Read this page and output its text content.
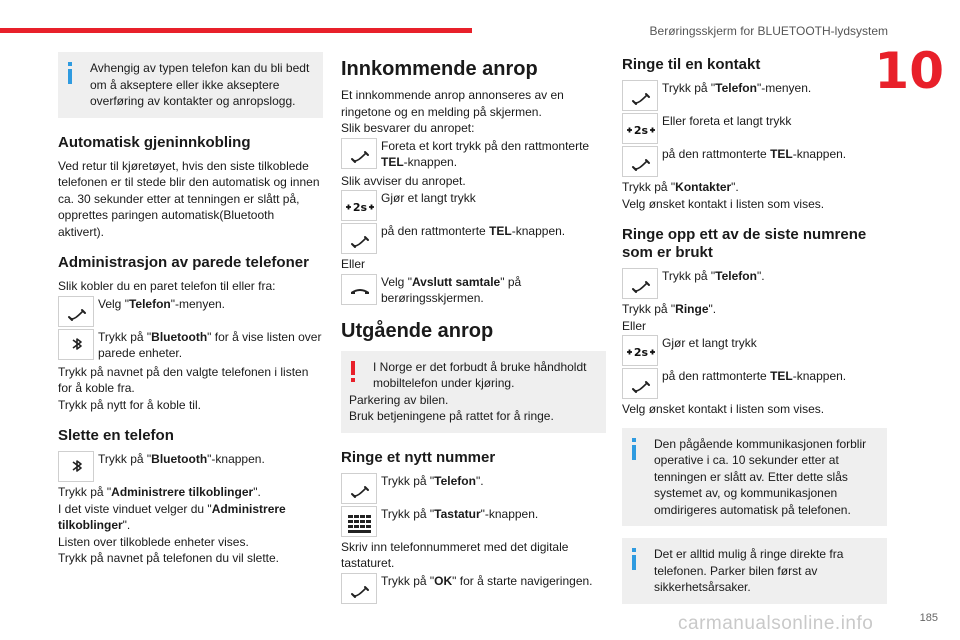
Berøringsskjerm for BLUETOOTH-lydsystem
10
185
carmanualsonline.info

Avhengig av typen telefon kan du bli bedt om å akseptere eller ikke akseptere overføring av kontakter og anropslogg.

Automatisk gjeninnkobling

Ved retur til kjøretøyet, hvis den siste tilkoblede telefonen er til stede blir den automatisk og innen ca. 30 sekunder etter at tenningen er slått på, opprettes paringen automatisk(Bluetooth aktivert).

Administrasjon av parede telefoner

Slik kobler du en paret telefon til eller fra:

Velg "Telefon"-menyen.

Trykk på "Bluetooth" for å vise listen over parede enheter.

Trykk på navnet på den valgte telefonen i listen for å koble fra.

Trykk på nytt for å koble til.

Slette en telefon

Trykk på "Bluetooth"-knappen.

Trykk på "Administrere tilkoblinger".

I det viste vinduet velger du "Administrere tilkoblinger".

Listen over tilkoblede enheter vises.

Trykk på navnet på telefonen du vil slette.

Innkommende anrop

Et innkommende anrop annonseres av en ringetone og en melding på skjermen.

Slik besvarer du anropet:

Foreta et kort trykk på den rattmonterte TEL-knappen.

Slik avviser du anropet.

Gjør et langt trykk

på den rattmonterte TEL-knappen.

Eller

Velg "Avslutt samtale" på berøringsskjermen.

Utgående anrop

I Norge er det forbudt å bruke håndholdt mobiltelefon under kjøring.

Parkering av bilen.

Bruk betjeningene på rattet for å ringe.

Ringe et nytt nummer

Trykk på "Telefon".

Trykk på "Tastatur"-knappen.

Skriv inn telefonnummeret med det digitale tastaturet.

Trykk på "OK" for å starte navigeringen.

Ringe til en kontakt

Trykk på "Telefon"-menyen.

Eller foreta et langt trykk

på den rattmonterte TEL-knappen.

Trykk på "Kontakter".

Velg ønsket kontakt i listen som vises.

Ringe opp ett av de siste numrene som er brukt

Trykk på "Telefon".

Trykk på "Ringe".

Eller

Gjør et langt trykk

på den rattmonterte TEL-knappen.

Velg ønsket kontakt i listen som vises.

Den pågående kommunikasjonen forblir operative i ca. 10 sekunder etter at tenningen er slått av. Etter dette slås systemet av, og kommunikasjonen omdirigeres automatisk på telefonen.

Det er alltid mulig å ringe direkte fra telefonen. Parker bilen først av sikkerhetsårsaker.
